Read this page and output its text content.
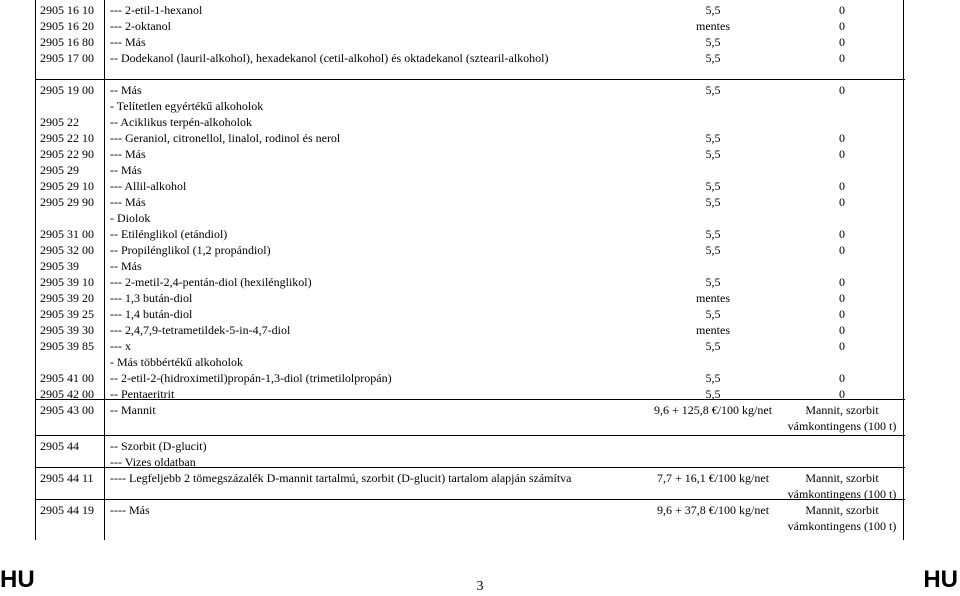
2905 16 10 --- 2-etil-1-hexanol	5,5	0
2905 16 20 --- 2-oktanol	mentes	0
2905 16 80 --- Más	5,5	0
2905 17 00 -- Dodekanol (lauril-alkohol), hexadekanol (cetil-alkohol) és oktadekanol (sztearil-alkohol)	5,5	0
2905 19 00 -- Más	5,5	0
- Telítetlen egyértékű alkoholok
2905 22	-- Aciklikus terpén-alkoholok
2905 22 10 --- Geraniol, citronellol, linalol, rodinol és nerol	5,5	0
2905 22 90 --- Más	5,5	0
2905 29	-- Más
2905 29 10 --- Allil-alkohol	5,5	0
2905 29 90 --- Más	5,5	0
- Diolok
2905 31 00 -- Etilénglikol (etándiol)	5,5	0
2905 32 00 -- Propilénglikol (1,2 propándiol)	5,5	0
2905 39	-- Más
2905 39 10 --- 2-metil-2,4-pentán-diol (hexilénglikol)	5,5	0
2905 39 20 --- 1,3 bután-diol	mentes	0
2905 39 25 --- 1,4 bután-diol	5,5	0
2905 39 30 --- 2,4,7,9-tetrametildek-5-in-4,7-diol	mentes	0
2905 39 85 --- x	5,5	0
- Más többértékű alkoholok
2905 41 00 -- 2-etil-2-(hidroximetil)propán-1,3-diol (trimetilolpropán)	5,5	0
2905 42 00 -- Pentaeritrit	5,5	0
2905 43 00 -- Mannit	9,6 + 125,8 €/100 kg/net	Mannit, szorbit
vámkontingens (100 t)
2905 44	-- Szorbit (D-glucit)
--- Vizes oldatban
2905 44 11 ---- Legfeljebb 2 tömegszázalék D-mannit tartalmú, szorbit (D-glucit) tartalom alapján számítva	7,7 + 16,1 €/100 kg/net	Mannit, szorbit
vámkontingens (100 t)
2905 44 19 ---- Más	9,6 + 37,8 €/100 kg/net	Mannit, szorbit
vámkontingens (100 t)
HU	3	HU
